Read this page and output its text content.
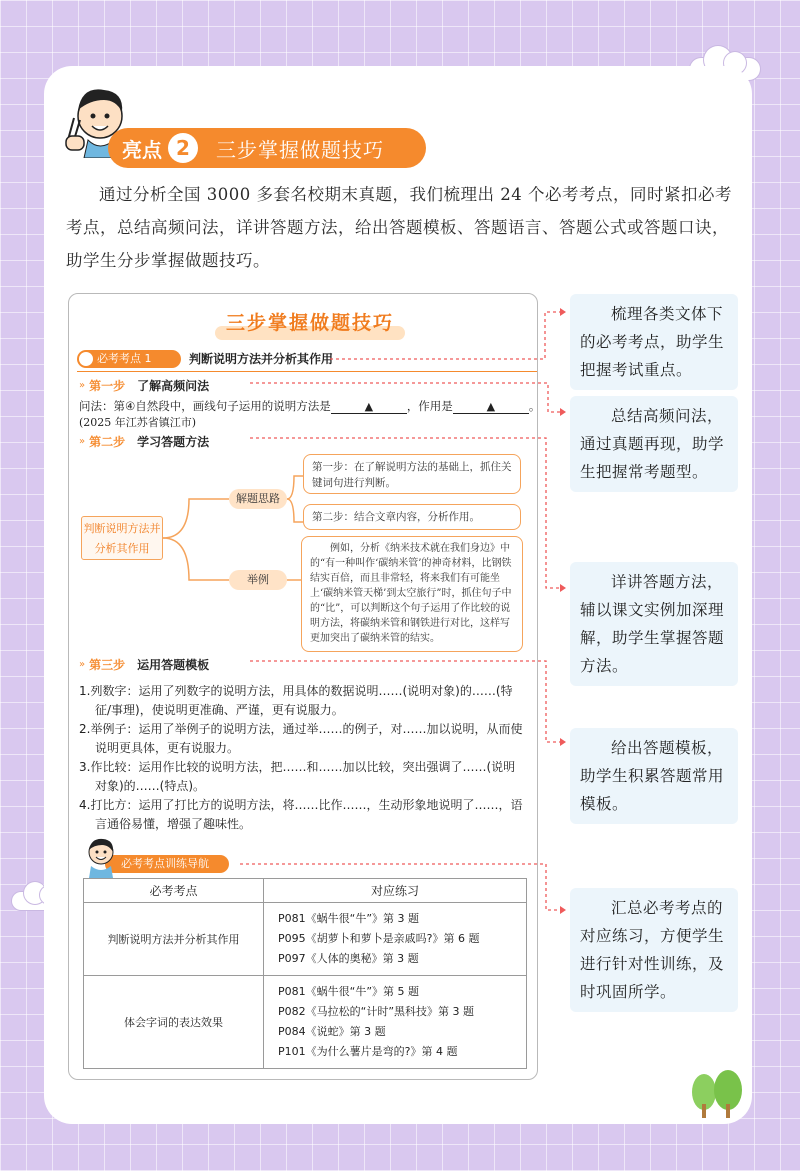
亮点 2	三步掌握做题技巧

通过分析全国 3000 多套名校期末真题，我们梳理出 24 个必考考点，同时紧扣必考考点，总结高频问法，详讲答题方法，给出答题模板、答题语言、答题公式或答题口诀，助学生分步掌握做题技巧。

三步掌握做题技巧
必考考点 1	判断说明方法并分析其作用
» 第一步 了解高频问法
问法：第④自然段中，画线句子运用的说明方法是	▲	，作用是	▲	。
(2025 年江苏省镇江市)
» 第二步 学习答题方法
判断说明方法并分析其作用
解题思路
举例
第一步：在了解说明方法的基础上，抓住关键词句进行判断。
第二步：结合文章内容，分析作用。
例如，分析《纳米技术就在我们身边》中的“有一种叫作‘碳纳米管’的神奇材料，比钢铁结实百倍，而且非常轻，将来我们有可能坐上‘碳纳米管天梯’到太空旅行”时，抓住句子中的“比”，可以判断这个句子运用了作比较的说明方法，将碳纳米管和钢铁进行对比，这样写更加突出了碳纳米管的结实。
» 第三步 运用答题模板

1.列数字：运用了列数字的说明方法，用具体的数据说明……(说明对象)的……(特征/事理)，使说明更准确、严谨，更有说服力。

2.举例子：运用了举例子的说明方法，通过举……的例子，对……加以说明，从而使说明更具体，更有说服力。

3.作比较：运用作比较的说明方法，把……和……加以比较，突出强调了……(说明对象)的……(特点)。

4.打比方：运用了打比方的说明方法，将……比作……，生动形象地说明了……，语言通俗易懂，增强了趣味性。

必考考点训练导航
必考考点	对应练习
判断说明方法并分析其作用	P081《蜗牛很“牛”》第 3 题
P095《胡萝卜和萝卜是亲戚吗?》第 6 题
P097《人体的奥秘》第 3 题

体会字词的表达效果	P081《蜗牛很“牛”》第 5 题
P082《马拉松的“计时”黑科技》第 3 题
P084《说蛇》第 3 题
P101《为什么薯片是弯的?》第 4 题
梳理各类文体下的必考考点，助学生把握考试重点。
总结高频问法，通过真题再现，助学生把握常考题型。
详讲答题方法，辅以课文实例加深理解，助学生掌握答题方法。
给出答题模板，助学生积累答题常用模板。
汇总必考考点的对应练习，方便学生进行针对性训练，及时巩固所学。
